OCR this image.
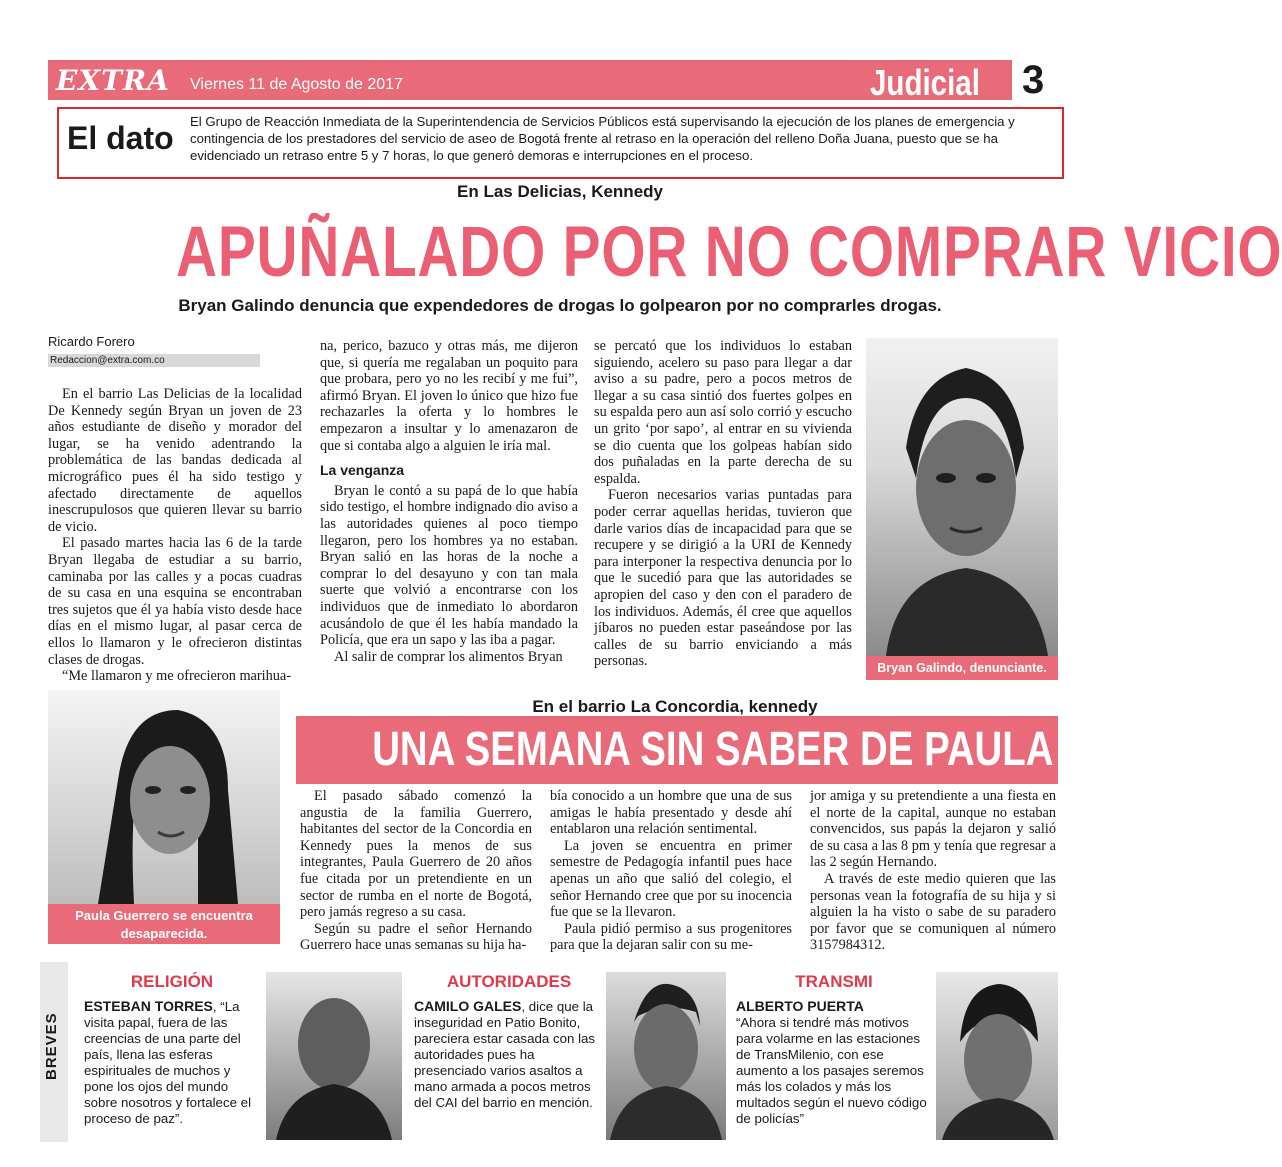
EXTRA Viernes 11 de Agosto de 2017	Judicial 3
El dato El Grupo de Reacción Inmediata de la Superintendencia de Servicios Públicos está supervisando la ejecución de los planes de emergencia y contingencia de los prestadores del servicio de aseo de Bogotá frente al retraso en la operación del relleno Doña Juana, puesto que se ha evidenciado un retraso entre 5 y 7 horas, lo que generó demoras e interrupciones en el proceso.
En Las Delicias, Kennedy
APUÑALADO POR NO COMPRAR VICIO
Bryan Galindo denuncia que expendedores de drogas lo golpearon por no comprarles drogas.
Ricardo Forero
Redaccion@extra.com.co

En el barrio Las Delicias de la localidad De Kennedy según Bryan un joven de 23 años estudiante de diseño y morador del lugar, se ha venido adentrando la problemática de las bandas dedicada al micrográfico pues él ha sido testigo y afectado directamente de aquellos inescrupulosos que quieren llevar su barrio de vicio.

El pasado martes hacia las 6 de la tarde Bryan llegaba de estudiar a su barrio, caminaba por las calles y a pocas cuadras de su casa en una esquina se encontraban tres sujetos que él ya había visto desde hace días en el mismo lugar, al pasar cerca de ellos lo llamaron y le ofrecieron distintas clases de drogas.

“Me llamaron y me ofrecieron marihua-

na, perico, bazuco y otras más, me dijeron que, si quería me regalaban un poquito para que probara, pero yo no les recibí y me fui”, afirmó Bryan. El joven lo único que hizo fue rechazarles la oferta y lo hombres le empezaron a insultar y lo amenazaron de que si contaba algo a alguien le iría mal.

La venganza

Bryan le contó a su papá de lo que había sido testigo, el hombre indignado dio aviso a las autoridades quienes al poco tiempo llegaron, pero los hombres ya no estaban. Bryan salió en las horas de la noche a comprar lo del desayuno y con tan mala suerte que volvió a encontrarse con los individuos que de inmediato lo abordaron acusándolo de que él les había mandado la Policía, que era un sapo y las iba a pagar.

Al salir de comprar los alimentos Bryan

se percató que los individuos lo estaban siguiendo, acelero su paso para llegar a dar aviso a su padre, pero a pocos metros de llegar a su casa sintió dos fuertes golpes en su espalda pero aun así solo corrió y escucho un grito ‘por sapo’, al entrar en su vivienda se dio cuenta que los golpeas habían sido dos puñaladas en la parte derecha de su espalda.

Fueron necesarios varias puntadas para poder cerrar aquellas heridas, tuvieron que darle varios días de incapacidad para que se recupere y se dirigió a la URI de Kennedy para interponer la respectiva denuncia por lo que le sucedió para que las autoridades se apropien del caso y den con el paradero de los individuos. Además, él cree que aquellos jíbaros no pueden estar paseándose por las calles de su barrio enviciando a más personas.	Bryan Galindo, denunciante.
Paula Guerrero se encuentra desaparecida.
En el barrio La Concordia, kennedy
UNA SEMANA SIN SABER DE PAULA

El pasado sábado comenzó la angustia de la familia Guerrero, habitantes del sector de la Concordia en Kennedy pues la menos de sus integrantes, Paula Guerrero de 20 años fue citada por un pretendiente en un sector de rumba en el norte de Bogotá, pero jamás regreso a su casa.

Según su padre el señor Hernando Guerrero hace unas semanas su hija ha-

bía conocido a un hombre que una de sus amigas le había presentado y desde ahí entablaron una relación sentimental.

La joven se encuentra en primer semestre de Pedagogía infantil pues hace apenas un año que salió del colegio, el señor Hernando cree que por su inocencia fue que se la llevaron.

Paula pidió permiso a sus progenitores para que la dejaran salir con su me-

jor amiga y su pretendiente a una fiesta en el norte de la capital, aunque no estaban convencidos, sus papás la dejaron y salió de su casa a las 8 pm y tenía que regresar a las 2 según Hernando.

A través de este medio quieren que las personas vean la fotografía de su hija y si alguien la ha visto o sabe de su paradero por favor que se comuniquen al número 3157984312.

BREVES
RELIGIÓN
ESTEBAN TORRES, “La visita papal, fuera de las creencias de una parte del país, llena las esferas espirituales de muchos y pone los ojos del mundo sobre nosotros y fortalece el proceso de paz”.
AUTORIDADES
CAMILO GALES, dice que la inseguridad en Patio Bonito, pareciera estar casada con las autoridades pues ha presenciado varios asaltos a mano armada a pocos metros del CAI del barrio en mención.
TRANSMI
ALBERTO PUERTA
“Ahora si tendré más motivos para volarme en las estaciones de TransMilenio, con ese aumento a los pasajes seremos más los colados y más los multados según el nuevo código de policías”
